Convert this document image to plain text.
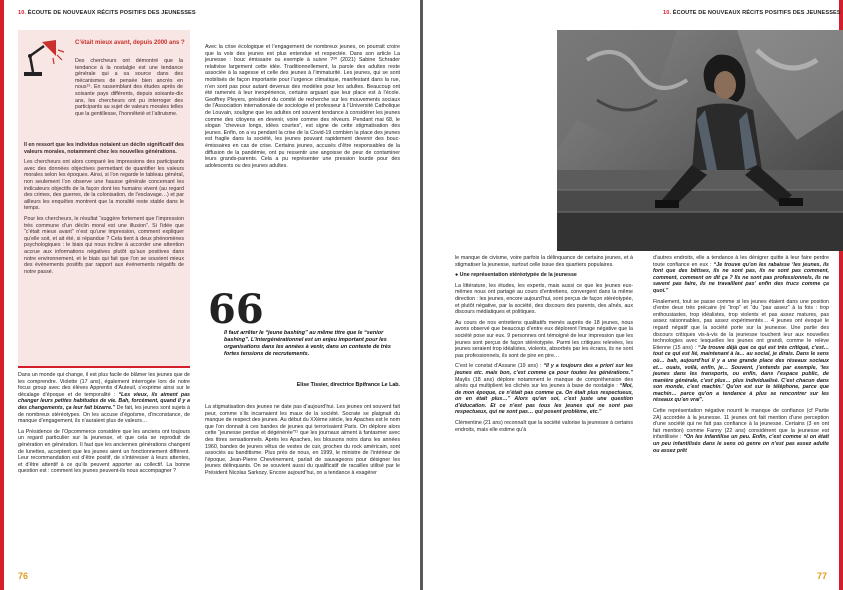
10. ÉCOUTE DE NOUVEAUX RÉCITS POSITIFS DES JEUNESSES
C’était mieux avant, depuis 2000 ans ?

Des chercheurs ont démontré que la tendance à la nostalgie est une tendance générale qui a sa source dans des mécanismes de pensée bien ancrés en nous¹⁹. En rassemblant des études après de soixante pays différents, depuis soixante-dix ans, les chercheurs ont pu interroger des participants au sujet de valeurs morales telles que la gentillesse, l’honnêteté et l’altruisme.

Il en ressort que les individus notaient un déclin significatif des valeurs morales, notamment chez les nouvelles générations.

Les chercheurs ont alors comparé les impressions des participants avec des données objectives permettant de quantifier les valeurs morales selon les époques. Ainsi, si l’on regarde le tableau général, non seulement l’on observe une hausse générale concernant les indicateurs objectifs de la façon dont les humains vivent (au regard des crimes, des guerres, de la colonisation, de l’esclavage…) et par ailleurs les enquêtes montrent que la moralité reste stable dans le temps.

Pour les chercheurs, le résultat “suggère fortement que l’impression très commune d’un déclin moral est une illusion”. Si l’idée que “c’était mieux avant” n’est qu’une impression, comment expliquer qu’elle soit, et ait été, si répandue ? Cela tient à deux phénomènes psychologiques : le biais qui nous incline à accorder une attention accrue aux informations négatives plutôt qu’aux positives dans notre environnement, et le biais qui fait que l’on se souvient mieux des événements positifs par rapport aux événements négatifs de notre passé.

Dans un monde qui change, il est plus facile de blâmer les jeunes que de les comprendre. Violette (17 ans), également interrogée lors de notre focus group avec des élèves Apprentis d’Auteuil, s’exprime ainsi sur le décalage d’époque et de temporalité : “Les vieux, ils aiment pas changer leurs petites habitudes de vie. Bah, forcément, quand il y a des changements, ça leur fait bizarre.” De fait, les jeunes sont sujets à de nombreux stéréotypes. On les accuse d’égoïsme, d’inconstance, de manque d’engagement, ils n’auraient plus de valeurs…

La Présidence de l’Opcommerce considère que les anciens ont toujours un regard particulier sur la jeunesse, et que cela se reproduit de génération en génération. Il faut que les anciennes générations changent de lunettes, acceptent que les jeunes aient un fonctionnement différent. Leur recommandation est d’être positif, de s’intéresser à leurs attentes, et d’être attentif à ce qu’ils peuvent apporter au collectif. La bonne question est : comment les jeunes peuvent-ils nous accompagner ?

Avec la crise écologique et l’engagement de nombreux jeunes, on pourrait croire que la voix des jeunes est plus entendue et respectée. Dans son article La jeunesse : bouc émissaire ou exemple à suivre ?²⁰ (2021) Sabine Schrader relativise largement cette idée. Traditionnellement, la parole des adultes reste associée à la sagesse et celle des jeunes à l’immaturité. Les jeunes, qui se sont mobilisés de façon importante pour l’urgence climatique, manifestant dans la rue, n’en sont pas pour autant devenus des modèles pour les adultes. Beaucoup ont été ramenés à leur inexpérience, certains arguant que leur place est à l’école. Geoffrey Pleyers, président du comité de recherche sur les mouvements sociaux de l’Association internationale de sociologie et professeur à l’Université Catholique de Louvain, souligne que les adultes ont souvent tendance à considérer les jeunes comme des citoyens en devenir, voire comme des rêveurs. Pendant mai 68, le slogan “cheveux longs, idées courtes”, est signe de cette stigmatisation des jeunes. Enfin, on a vu pendant la crise de la Covid-19 combien la place des jeunes est fragile dans la société, les jeunes pouvant rapidement devenir des bouc-émissaires en cas de crise. Certains jeunes, accusés d’être responsables de la diffusion de la pandémie, ont pu ressentir une angoisse de peur de contaminer leurs grands-parents. Cela a pu représenter une pression lourde pour des adolescents ou des jeunes adultes.

66
Il faut arrêter le “jeune bashing” au même titre que le “senior bashing”. L’intergénérationnel est un enjeu important pour les organisations dans les années à venir, dans un contexte de très fortes tensions de recrutements.
Elise Tissier, directrice Bpifrance Le Lab.

La stigmatisation des jeunes ne date pas d’aujourd’hui. Les jeunes ont souvent fait peur, comme s’ils incarnaient les maux de la société. Socrate se plaignait du manque de respect des jeunes. Au début du XXème siècle, les Apaches est le nom que l’on donnait à ces bandes de jeunes qui terrorisaient Paris. On déplore alors cette “jeunesse perdue et dégénérée”²¹ que les journaux aiment à fantasmer avec des titres sensationnels. Après les Apaches, les blousons noirs dans les années 1960, bandes de jeunes vêtus de vestes de cuir, proches du rock américain, sont associés au banditisme. Plus près de nous, en 1999, le ministre de l’intérieur de l’époque, Jean-Pierre Chevènement, parlait de sauvageons pour désigner les jeunes délinquants. On se souvient aussi du qualificatif de racailles utilisé par le Président Nicolas Sarkozy. Encore aujourd’hui, on a tendance à exagérer

76
10. ÉCOUTE DE NOUVEAUX RÉCITS POSITIFS DES JEUNESSES

le manque de civisme, voire parfois la délinquance de certains jeunes, et à stigmatiser la jeunesse, surtout celle issue des quartiers populaires.

● Une représentation stéréotypée de la jeunesse

La littérature, les études, les experts, mais aussi ce que les jeunes eux-mêmes nous ont partagé au cours d’entretiens, convergent dans la même direction : les jeunes, encore aujourd’hui, sont perçus de façon stéréotypée, et plutôt négative, par la société, des discours des parents, des aînés, aux discours médiatiques et politiques.

Au cours de nos entretiens qualitatifs menés auprès de 18 jeunes, nous avons observé que beaucoup d’entre eux déplorent l’image négative que la société pose sur eux. 9 personnes ont témoigné de leur impression que les jeunes sont perçus de façon stéréotypée. Parmi les critiques relevées, les jeunes seraient trop idéalistes, violents, absorbés par les écrans, ils ne sont pas professionnels, ils sont de pire en pire…

C’est le constat d’Assane (19 ans) : “Il y a toujours des a priori sur les jeunes etc. mais bon, c’est comme ça pour toutes les générations.” Maylis (18 ans) déplore notamment le manque de compréhension des aînés qui multiplient les clichés sur les jeunes à base de nostalgie : “Moi, de mon époque, ce n’était pas comme ça. On était plus respectueux, on en était plus…” Alors qu’en soi, c’est juste une question d’éducation. Et ce n’est pas tous les jeunes qui ne sont pas respectueux, qui ne sont pas… qui posent problème, etc.”

Clémentine (21 ans) reconnaît que la société valorise la jeunesse à certains endroits, mais elle estime qu’à

d’autres endroits, elle a tendance à les dénigrer quitte à leur faire perdre toute confiance en eux : “Je trouve qu’on les rabaisse ‘les jeunes, ils font que des bêtises, ils ne sont pas, ils ne sont pas comment, comment, comment on dit ça ? Ils ne sont pas professionnels, ils ne savent pas faire, ils ne travaillent pas’ enfin des trucs comme ça quoi.”

Finalement, tout se passe comme si les jeunes étaient dans une position d’entre deux très précaire (ni “trop” et “du “pas assez” à la fois : trop enthousiastes, trop idéalistes, trop violents et pas assez matures, pas assez raisonnables, pas assez expérimentés… 4 jeunes ont évoqué le regard négatif que la société porte sur la jeunesse. Une partie des discours critiques vis-à-vis de la jeunesse touchent leur aux nouvelles technologies avec lesquelles les jeunes ont grandi, comme le relève Etienne (15 ans) : “Je trouve déjà que ce qui est très critiqué, c’est… tout ce qui est lié, maintenant à la… au social, je dirais. Dans le sens où… bah, aujourd’hui il y a une grande place des réseaux sociaux et… ouais, voilà, enfin, je… Souvent, j’entends par exemple, ‘les jeunes dans les transports, ou enfin, dans l’espace public, de manière générale, c’est plus… plus individualisé. C’est chacun dans son monde, c’est machin.’ Qu’on est sur le téléphone, parce que machin… parce qu’on a tendance à plus se rencontrer sur les réseaux qu’en vrai”.

Cette représentation négative nourrit le manque de confiance (cf Partie 2A) accordée à la jeunesse. 11 jeunes ont fait mention d’une perception d’une société qui ne fait pas confiance à la jeunesse. Certains (3 en ont fait mention) comme Fanny (22 ans) considèrent que la jeunesse est infantilisée : “On les infantilise un peu. Enfin, c’est comme si on était un peu infantilisés dans le sens où genre on n’est pas assez adulte ou assez prêt

77
